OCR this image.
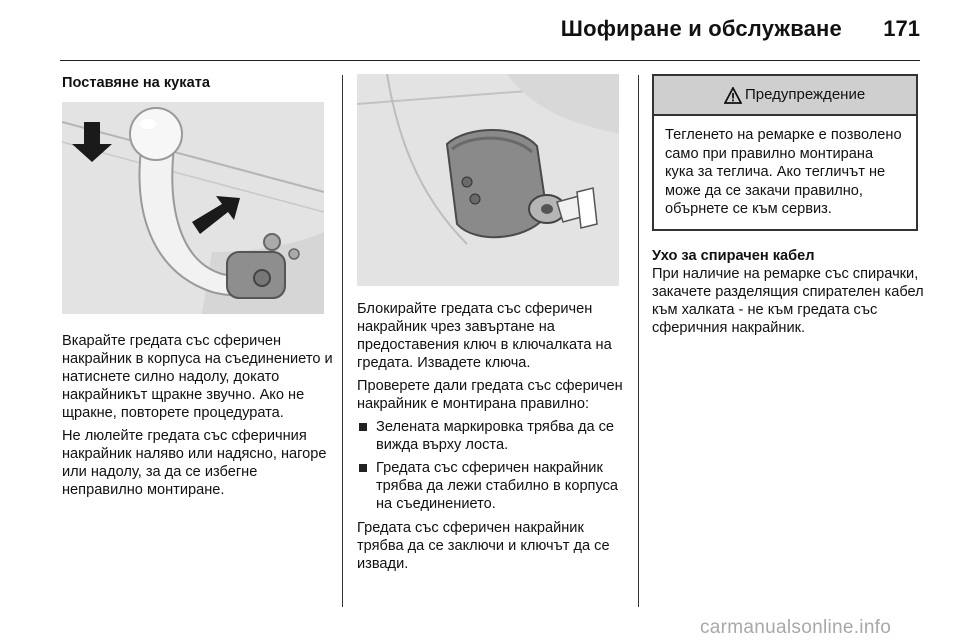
Шофиране и обслужване 171
Поставяне на куката

Вкарайте гредата със сферичен накрайник в корпуса на съединението и натиснете силно надолу, докато накрайникът щракне звучно. Ако не щракне, повторете процедурата.

Не люлейте гредата със сферичния накрайник наляво или надясно, нагоре или надолу, за да се избегне неправилно монтиране.

Блокирайте гредата със сферичен накрайник чрез завъртане на предоставения ключ в ключалката на гредата. Извадете ключа.

Проверете дали гредата със сферичен накрайник е монтирана правилно:

Зелената маркировка трябва да се вижда върху лоста.
Гредата със сферичен накрайник трябва да лежи стабилно в корпуса на съединението.

Гредата със сферичен накрайник трябва да се заключи и ключът да се извади.

Предупреждение
Тегленето на ремарке е позволено само при правилно монтирана кука за теглича. Ако тегличът не може да се закачи правилно, обърнете се към сервиз.
Ухо за спирачен кабел

При наличие на ремарке със спирачки, закачете разделящия спирателен кабел към халката - не към гредата със сферичния накрайник.

carmanualsonline.info
